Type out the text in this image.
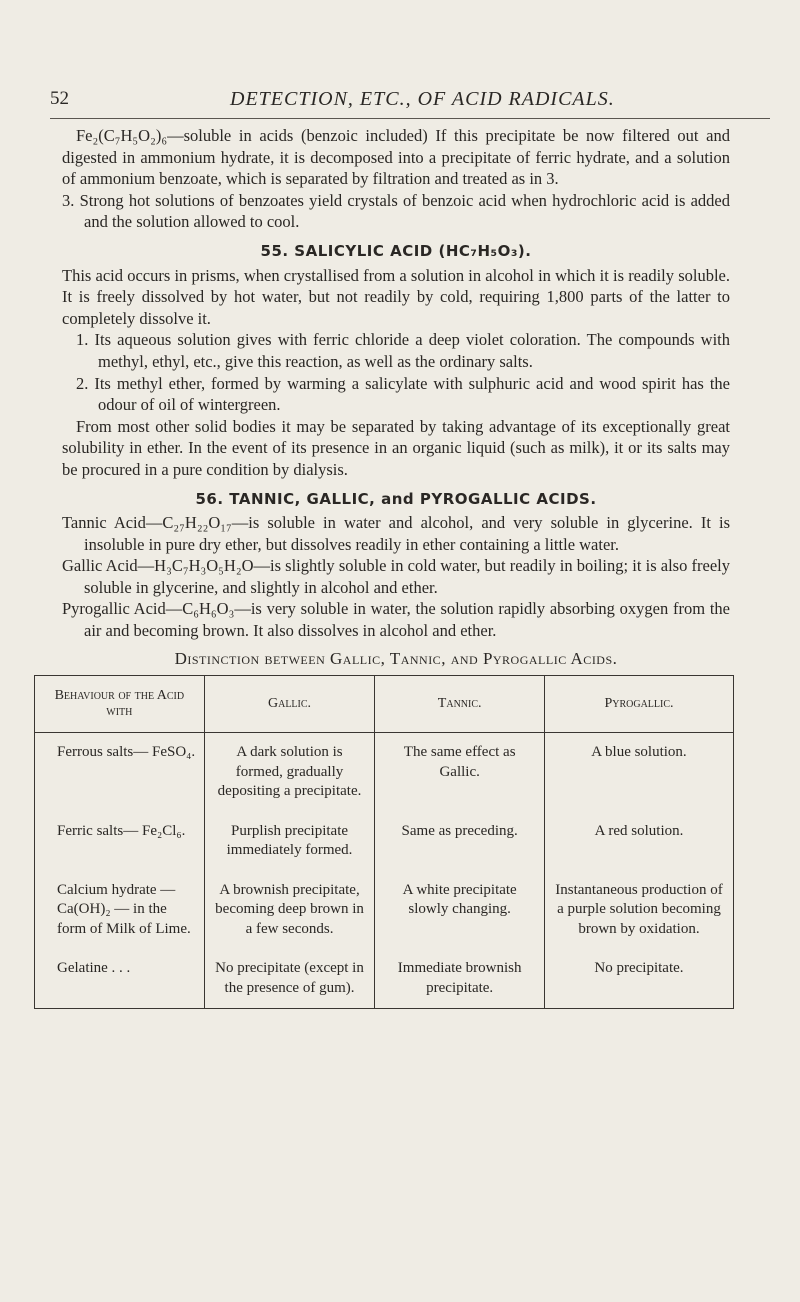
52	DETECTION, ETC., OF ACID RADICALS.

Fe₂(C₇H₅O₂)₆—soluble in acids (benzoic included) If this precipitate be now filtered out and digested in ammonium hydrate, it is decomposed into a precipitate of ferric hydrate, and a solution of ammonium benzoate, which is separated by filtration and treated as in 3.

3. Strong hot solutions of benzoates yield crystals of benzoic acid when hydrochloric acid is added and the solution allowed to cool.

55. SALICYLIC ACID (HC₇H₅O₃).

This acid occurs in prisms, when crystallised from a solution in alcohol in which it is readily soluble. It is freely dissolved by hot water, but not readily by cold, requiring 1,800 parts of the latter to completely dissolve it.

1. Its aqueous solution gives with ferric chloride a deep violet coloration. The compounds with methyl, ethyl, etc., give this reaction, as well as the ordinary salts.

2. Its methyl ether, formed by warming a salicylate with sulphuric acid and wood spirit has the odour of oil of wintergreen.

From most other solid bodies it may be separated by taking advantage of its exceptionally great solubility in ether. In the event of its presence in an organic liquid (such as milk), it or its salts may be procured in a pure condition by dialysis.

56. TANNIC, GALLIC, and PYROGALLIC ACIDS.

Tannic Acid—C₂₇H₂₂O₁₇—is soluble in water and alcohol, and very soluble in glycerine. It is insoluble in pure dry ether, but dissolves readily in ether containing a little water.

Gallic Acid—H₃C₇H₃O₅H₂O—is slightly soluble in cold water, but readily in boiling; it is also freely soluble in glycerine, and slightly in alcohol and ether.

Pyrogallic Acid—C₆H₆O₃—is very soluble in water, the solution rapidly absorbing oxygen from the air and becoming brown. It also dissolves in alcohol and ether.

Distinction between Gallic, Tannic, and Pyrogallic Acids.
Behaviour of the Acid with	Gallic.	Tannic.	Pyrogallic.
Ferrous salts— FeSO₄.	A dark solution is formed, gradually depositing a precipitate.	The same effect as Gallic.	A blue solution.
Ferric salts— Fe₂Cl₆.	Purplish precipitate immediately formed.	Same as preceding.	A red solution.
Calcium hydrate — Ca(OH)₂ — in the form of Milk of Lime.	A brownish precipitate, becoming deep brown in a few seconds.	A white precipitate slowly changing.	Instantaneous production of a purple solution becoming brown by oxidation.
Gelatine . . .	No precipitate (except in the presence of gum).	Immediate brownish precipitate.	No precipitate.
